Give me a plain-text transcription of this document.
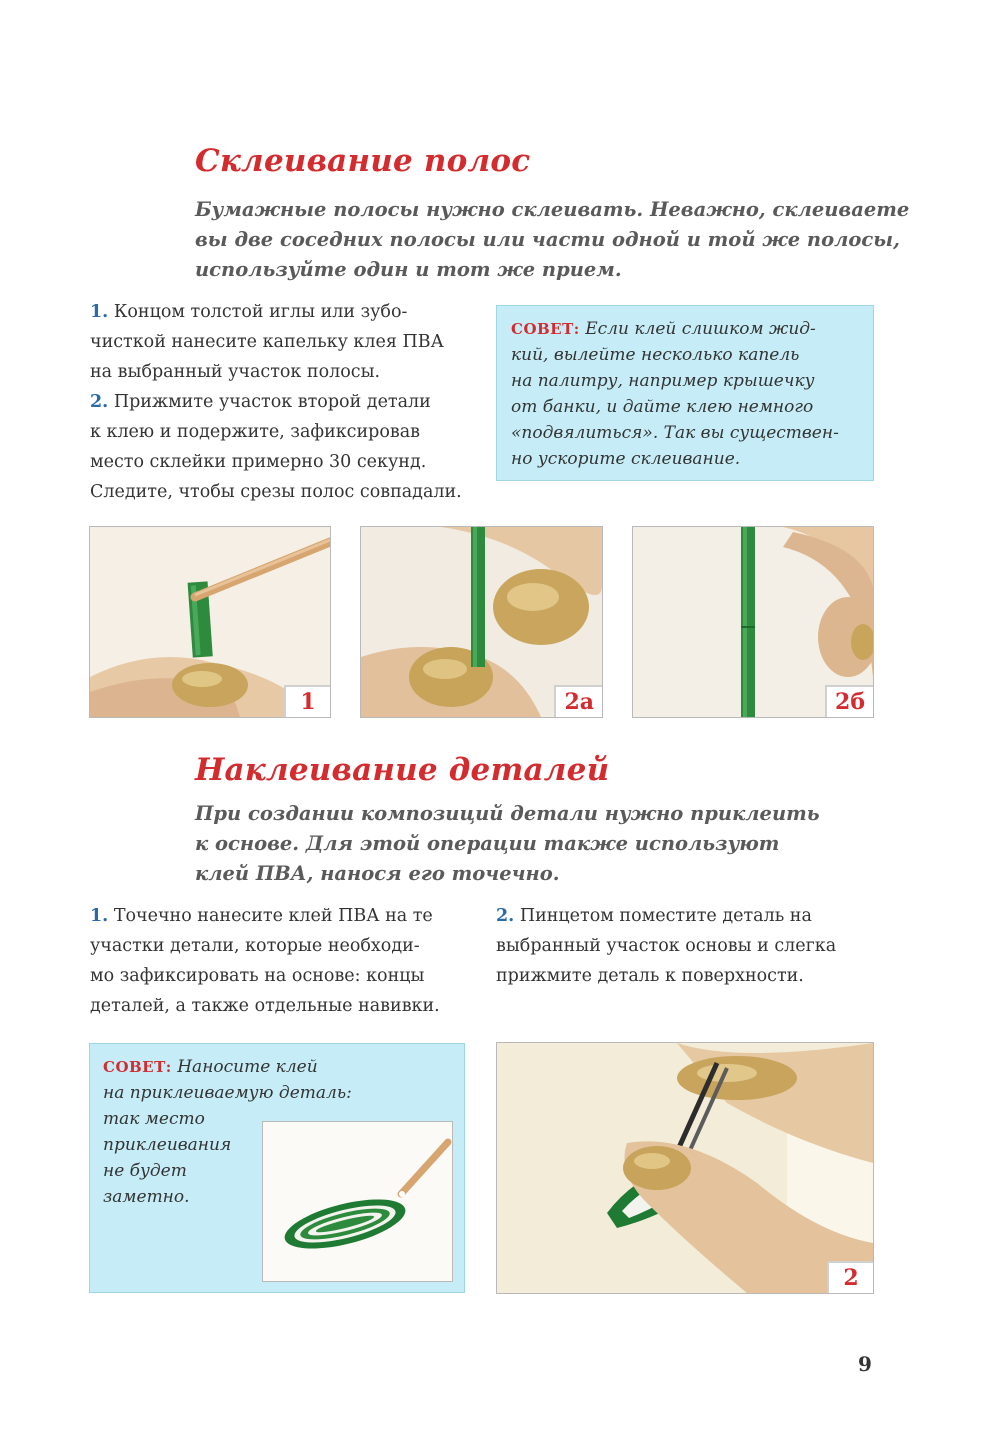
Склеивание полос
Бумажные полосы нужно склеивать. Неважно, склеиваете
вы две соседних полосы или части одной и той же полосы,
используйте один и тот же прием.
1. Концом толстой иглы или зубо-
чисткой нанесите капельку клея ПВА
на выбранный участок полосы.
2. Прижмите участок второй детали
к клею и подержите, зафиксировав
место склейки примерно 30 секунд.
Следите, чтобы срезы полос совпадали.
СОВЕТ: Если клей слишком жид-
кий, вылейте несколько капель
на палитру, например крышечку
от банки, и дайте клею немного
«подвялиться». Так вы существен-
но ускорите склеивание.
1	2а	2б
Наклеивание деталей
При создании композиций детали нужно приклеить
к основе. Для этой операции также используют
клей ПВА, нанося его точечно.
1. Точечно нанесите клей ПВА на те
участки детали, которые необходи-
мо зафиксировать на основе: концы
деталей, а также отдельные навивки.
2. Пинцетом поместите деталь на
выбранный участок основы и слегка
прижмите деталь к поверхности.
СОВЕТ: Наносите клей
на приклеиваемую деталь:
так место
приклеивания
не будет
заметно.
2
9
